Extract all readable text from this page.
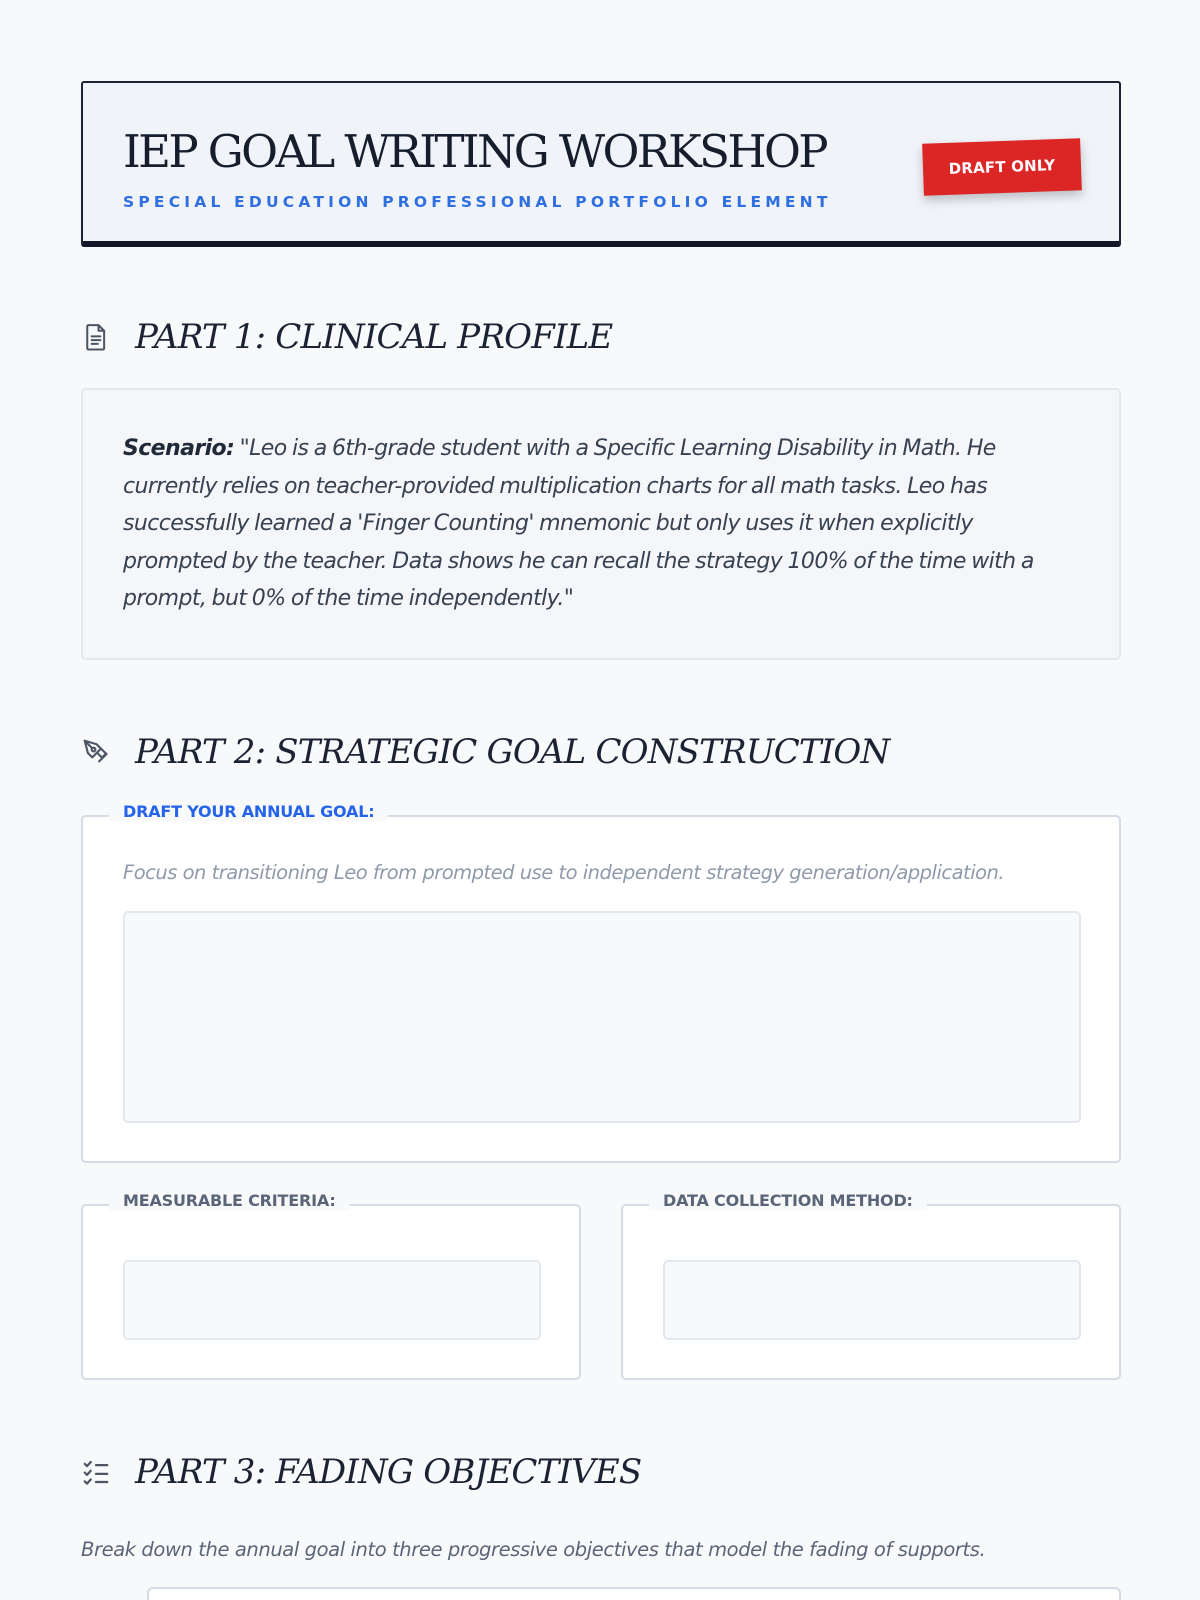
IEP GOAL WRITING WORKSHOP
SPECIAL EDUCATION PROFESSIONAL PORTFOLIO ELEMENT
DRAFT ONLY
PART 1: CLINICAL PROFILE

Scenario: "Leo is a 6th-grade student with a Specific Learning Disability in Math. He currently relies on teacher-provided multiplication charts for all math tasks. Leo has successfully learned a 'Finger Counting' mnemonic but only uses it when explicitly prompted by the teacher. Data shows he can recall the strategy 100% of the time with a prompt, but 0% of the time independently."

PART 2: STRATEGIC GOAL CONSTRUCTION
DRAFT YOUR ANNUAL GOAL:
Focus on transitioning Leo from prompted use to independent strategy generation/application.
MEASURABLE CRITERIA:	DATA COLLECTION METHOD:
PART 3: FADING OBJECTIVES
Break down the annual goal into three progressive objectives that model the fading of supports.
